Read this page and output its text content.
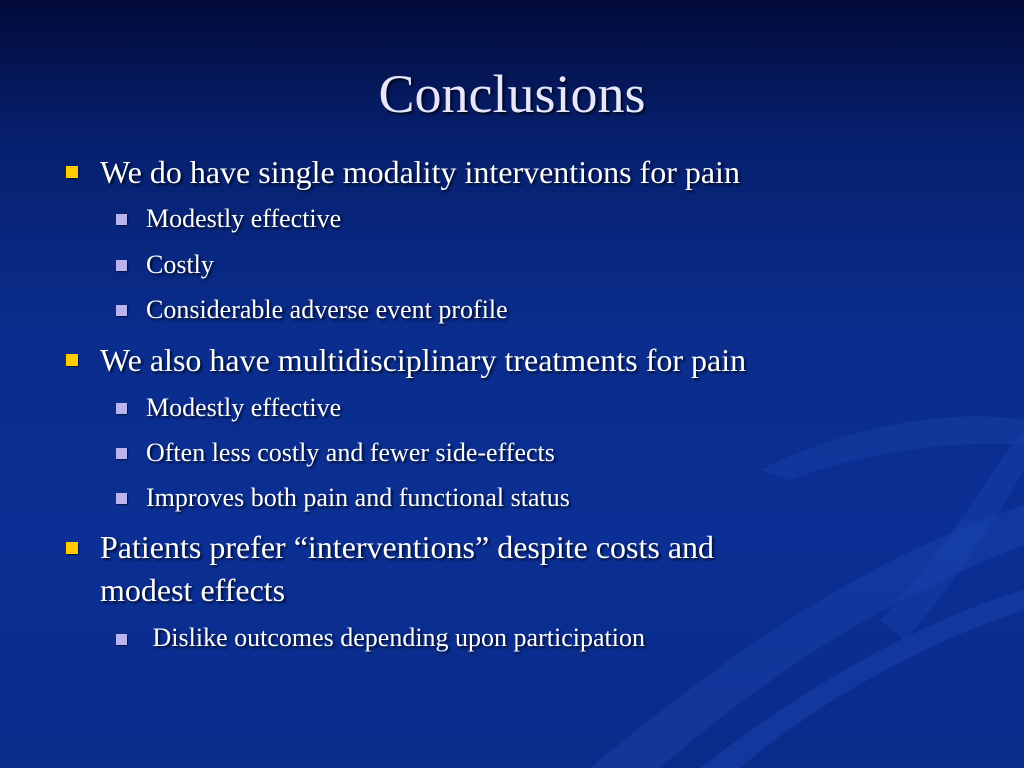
Conclusions
We do have single modality interventions for pain
Modestly effective
Costly
Considerable adverse event profile
We also have multidisciplinary treatments for pain
Modestly effective
Often less costly and fewer side-effects
Improves both pain and functional status
Patients prefer “interventions” despite costs and
modest effects
Dislike outcomes depending upon participation
